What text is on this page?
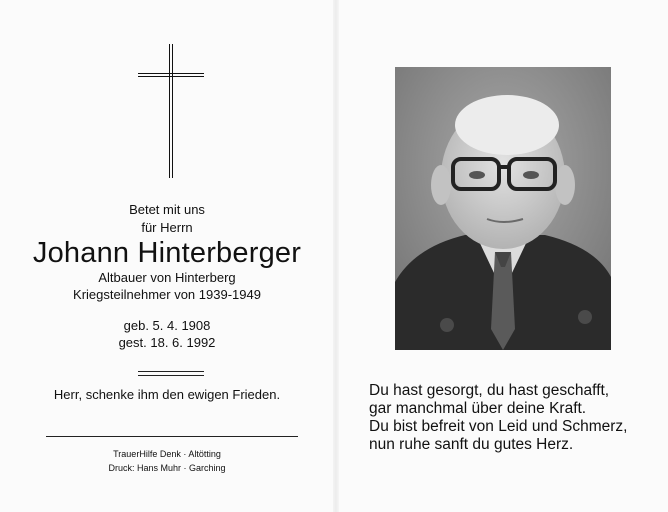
Betet mit uns
für Herrn
Johann Hinterberger
Altbauer von Hinterberg
Kriegsteilnehmer von 1939-1949
geb. 5. 4. 1908
gest. 18. 6. 1992
Herr, schenke ihm den ewigen Frieden.
TrauerHilfe Denk · Altötting
Druck: Hans Muhr · Garching
Du hast gesorgt, du hast geschafft,
gar manchmal über deine Kraft.
Du bist befreit von Leid und Schmerz,
nun ruhe sanft du gutes Herz.
